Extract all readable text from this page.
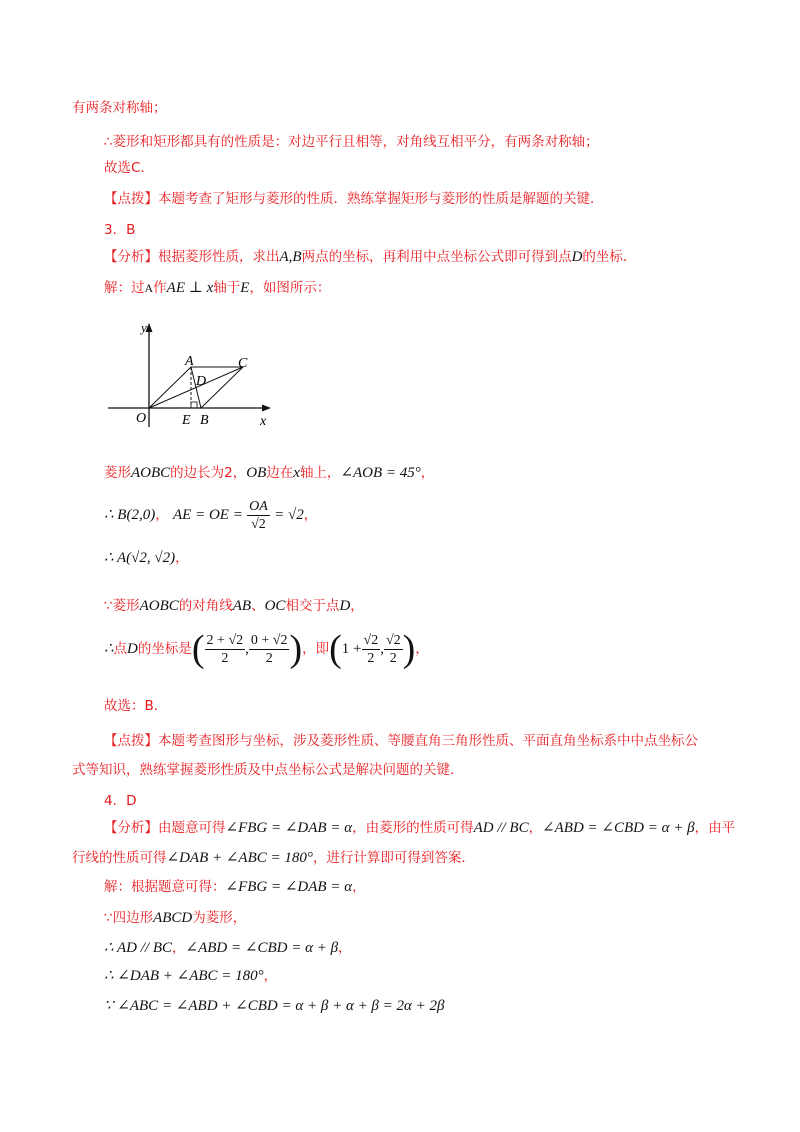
有两条对称轴；
∴菱形和矩形都具有的性质是：对边平行且相等，对角线互相平分，有两条对称轴；
故选C.
【点拨】本题考查了矩形与菱形的性质．熟练掌握矩形与菱形的性质是解题的关键．
3．B
【分析】根据菱形性质，求出A,B两点的坐标，再利用中点坐标公式即可得到点D的坐标．
解：过A作AE ⊥ x轴于E，如图所示：
y
x
O
A	C
D
E B
菱形AOBC的边长为2，OB边在x轴上，∠AOB = 45°，
∴ B(2,0)， AE = OE = $\frac{OA}{√2} = √2$，
∴ A(√2, √2)，
∵菱形AOBC的对角线AB、OC相交于点D，
∴点D的坐标是( $\frac{2 + √2}{2}$ , $\frac{0 + √2}{2}$ )，即($1 + \frac{√2}{2}$ , $\frac{√2}{2}$ )，
故选：B．
【点拨】本题考查图形与坐标，涉及菱形性质、等腰直角三角形性质、平面直角坐标系中中点坐标公
式等知识，熟练掌握菱形性质及中点坐标公式是解决问题的关键．
4．D
【分析】由题意可得∠FBG = ∠DAB = α，由菱形的性质可得AD // BC，∠ABD = ∠CBD = α + β，由平
行线的性质可得∠DAB + ∠ABC = 180°，进行计算即可得到答案．
解：根据题意可得：∠FBG = ∠DAB = α，
∵四边形ABCD为菱形，
∴ AD // BC，∠ABD = ∠CBD = α + β，
∴ ∠DAB + ∠ABC = 180°，
∵ ∠ABC = ∠ABD + ∠CBD = α + β + α + β = 2α + 2β
